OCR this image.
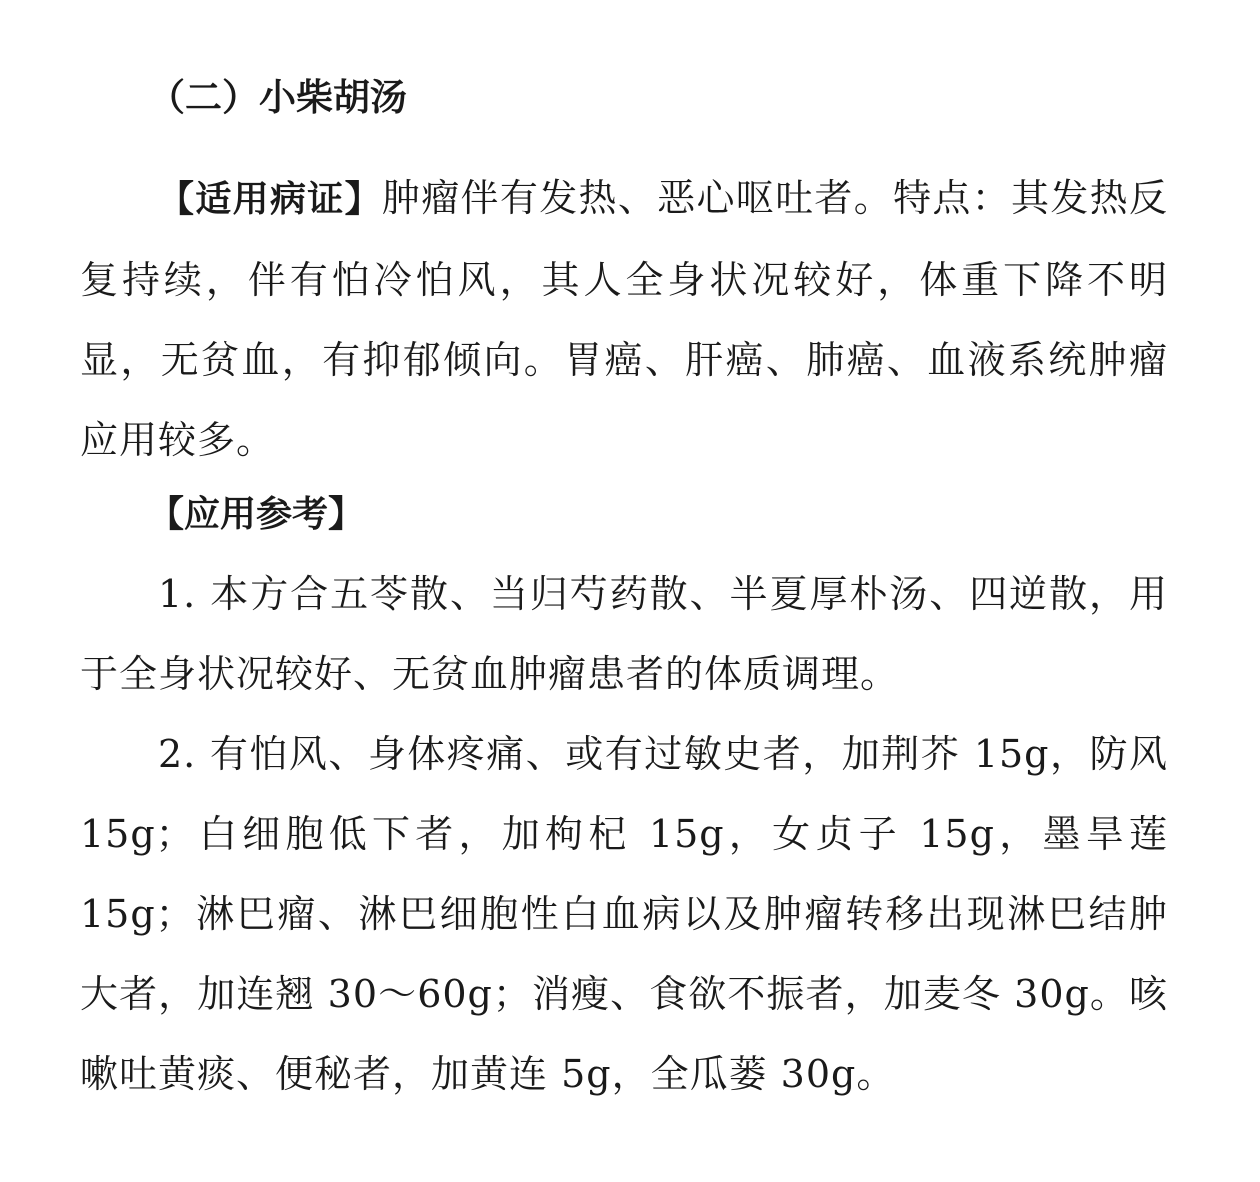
（二）小柴胡汤

【适用病证】肿瘤伴有发热、恶心呕吐者。特点：其发热反复持续，伴有怕冷怕风，其人全身状况较好，体重下降不明显，无贫血，有抑郁倾向。胃癌、肝癌、肺癌、血液系统肿瘤应用较多。

【应用参考】

1. 本方合五苓散、当归芍药散、半夏厚朴汤、四逆散，用于全身状况较好、无贫血肿瘤患者的体质调理。

2. 有怕风、身体疼痛、或有过敏史者，加荆芥 15g，防风 15g；白细胞低下者，加枸杞 15g，女贞子 15g，墨旱莲 15g；淋巴瘤、淋巴细胞性白血病以及肿瘤转移出现淋巴结肿大者，加连翘 30～60g；消瘦、食欲不振者，加麦冬 30g。咳嗽吐黄痰、便秘者，加黄连 5g，全瓜蒌 30g。
